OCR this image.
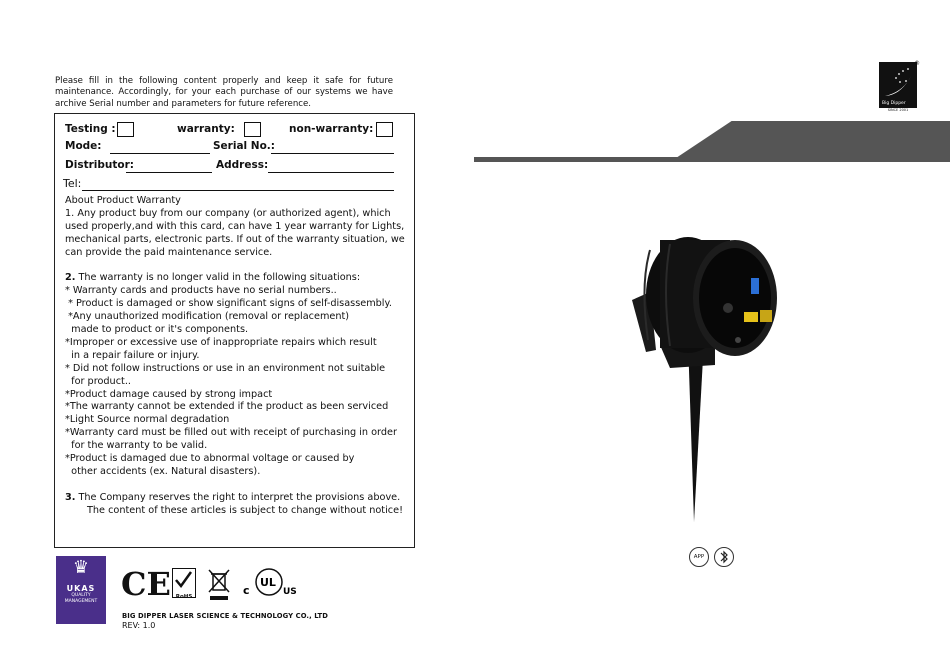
Please fill in the following content properly and keep it safe for future maintenance. Accordingly, for your each purchase of our systems we have archive Serial number and parameters for future reference.
Testing :	warranty:	non-warranty:
Mode:	Serial No.:
Distributor:	Address:
Tel:

About Product Warranty

1. Any product buy from our company (or authorized agent), which used properly,and with this card, can have 1 year warranty for Lights, mechanical parts, electronic parts. If out of the warranty situation, we can provide the paid maintenance service.

2. The warranty is no longer valid in the following situations:

* Warranty cards and products have no serial numbers..

* Product is damaged or show significant signs of self-disassembly.

*Any unauthorized modification (removal or replacement)

made to product or it's components.

*Improper or excessive use of inappropriate repairs which result

in a repair failure or injury.

* Did not follow instructions or use in an environment not suitable

for product..

*Product damage caused by strong impact

*The warranty cannot be extended if the product as been serviced

*Light Source normal degradation

*Warranty card must be filled out with receipt of purchasing in order

for the warranty to be valid.

*Product is damaged due to abnormal voltage or caused by

other accidents (ex. Natural disasters).

3. The Company reserves the right to interpret the provisions above.

The content of these articles is subject to change without notice!

♛
UKAS
QUALITY MANAGEMENT CE RoHS	c
UL
US
BIG DIPPER LASER SCIENCE & TECHNOLOGY CO., LTD
REV: 1.0
Big Dipper
®
SINCE 2001
APP
